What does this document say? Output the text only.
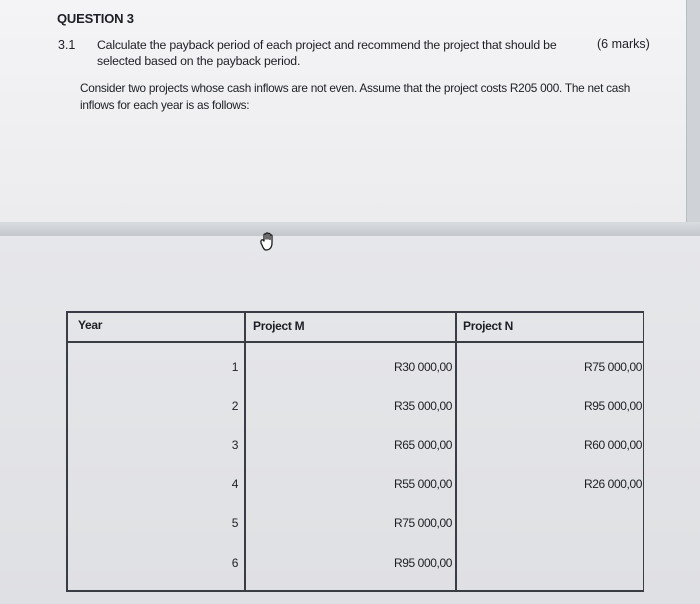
QUESTION 3
3.1 Calculate the payback period of each project and recommend the project that should be selected based on the payback period.
(6 marks)
Consider two projects whose cash inflows are not even. Assume that the project costs R205 000. The net cash inflows for each year is as follows:
Year	Project M	Project N
1	R30 000,00	R75 000,00
2	R35 000,00	R95 000,00
3	R65 000,00	R60 000,00
4	R55 000,00	R26 000,00
5	R75 000,00
6	R95 000,00
